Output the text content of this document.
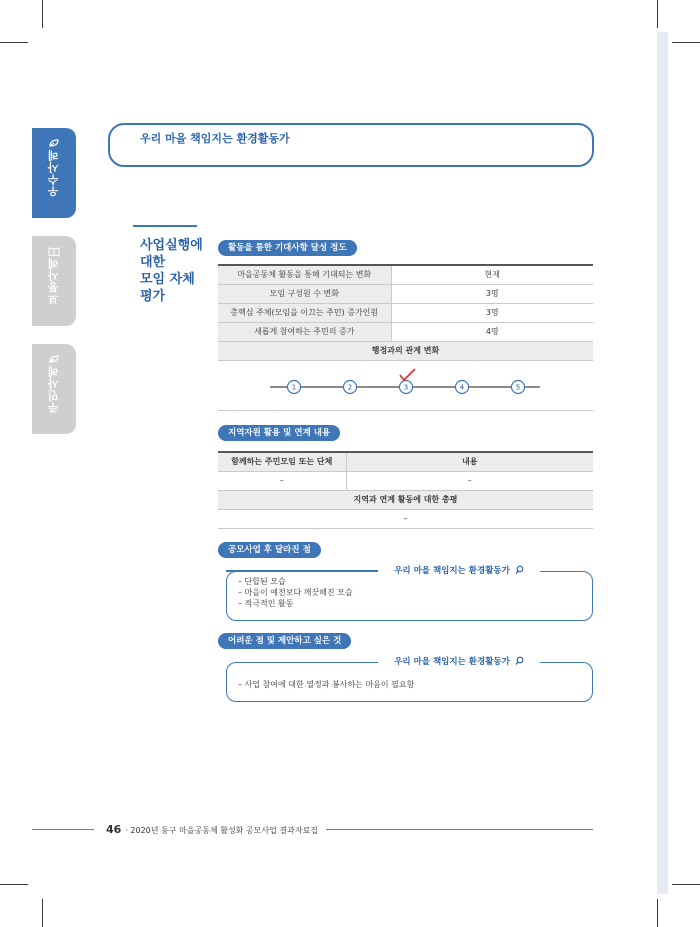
우수사례
보통사례
주민사례
우리 마을 책임지는 환경활동가
사업실행에
대한
모임 자체
평가
활동을 통한 기대사항 달성 정도
마을공동체 활동을 통해 기대되는 변화	현재
모임 구성원 수 변화	3명
총핵심 주체(모임을 이끄는 주민) 증가인원	3명
새롭게 참여하는 주민의 증가	4명
행정과의 관계 변화	
1	2	3	4	5
지역자원 활용 및 연계 내용
함께하는 주민모임 또는 단체	내용
–	–
지역과 연계 활동에 대한 총평	
–	
공모사업 후 달라진 점
우리 마을 책임지는 환경활동가
– 단합된 모습
– 마을이 예전보다 깨끗해진 모습
– 적극적인 활동
어려운 점 및 제안하고 싶은 것
우리 마을 책임지는 환경활동가
– 사업 참여에 대한 열정과 봉사하는 마음이 필요함
46 · 2020년 동구 마을공동체 활성화 공모사업 결과자료집
